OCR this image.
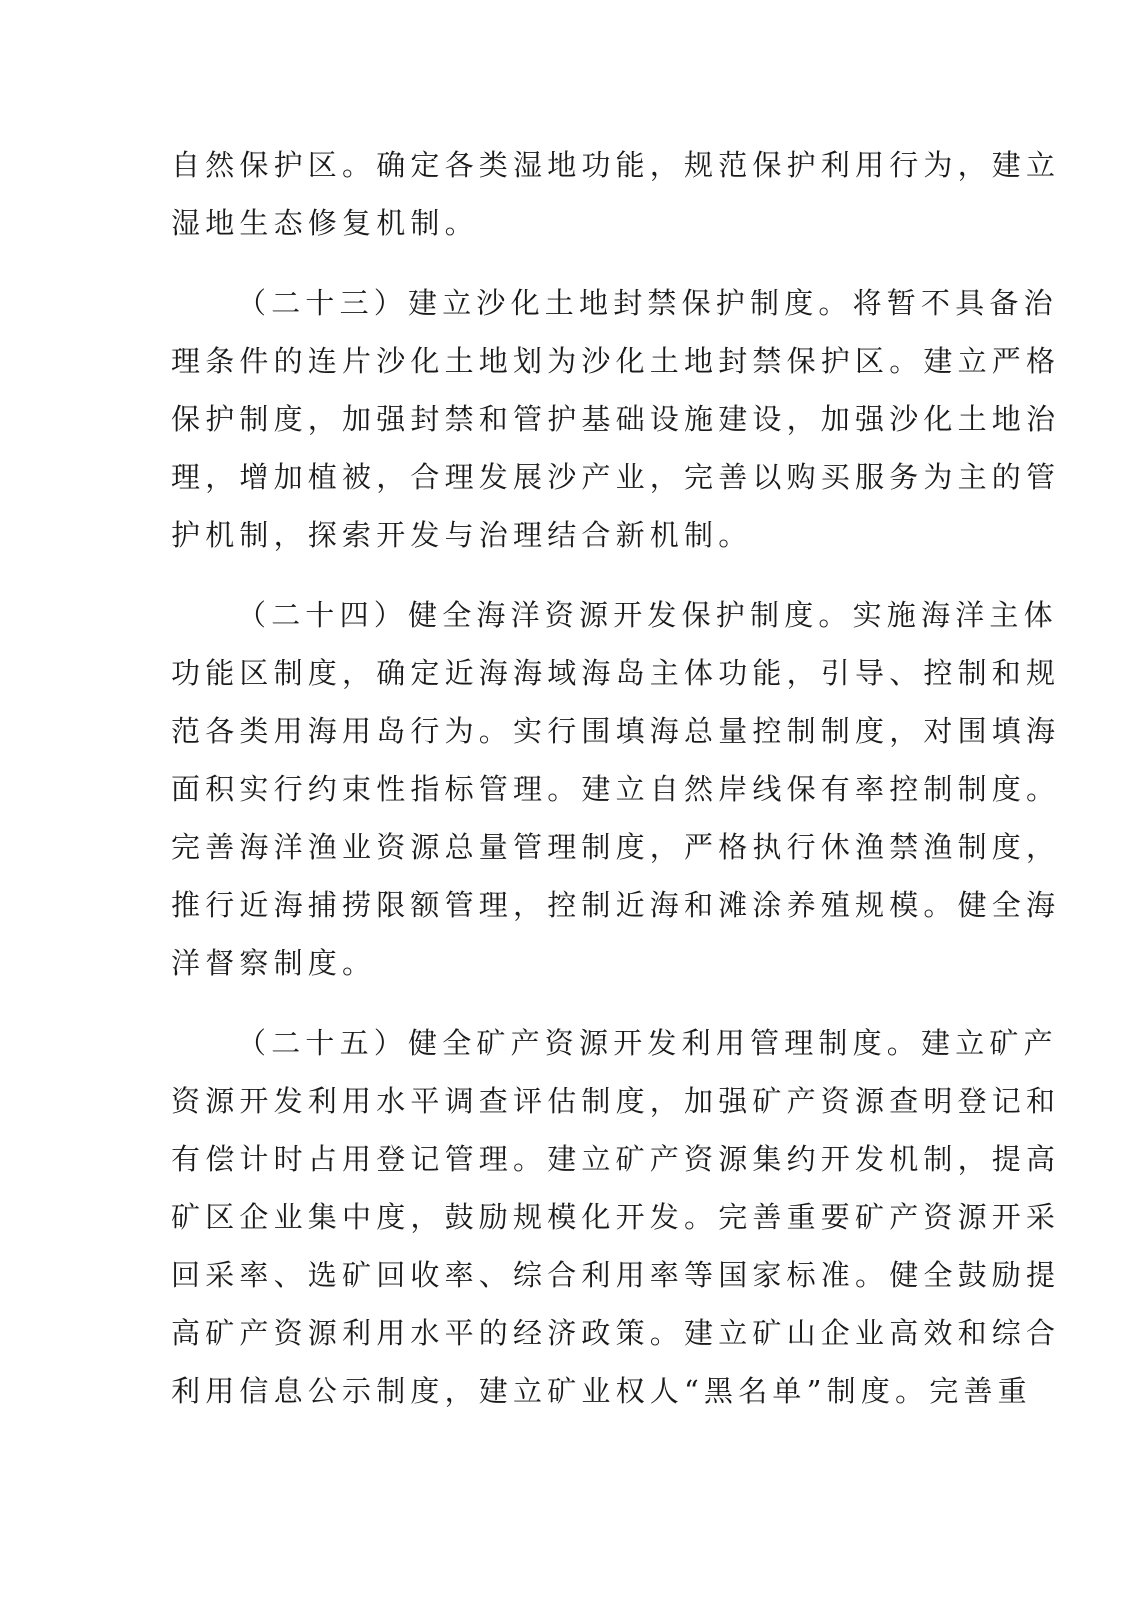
自然保护区。确定各类湿地功能，规范保护利用行为，建立
湿地生态修复机制。
（二十三）建立沙化土地封禁保护制度。将暂不具备治
理条件的连片沙化土地划为沙化土地封禁保护区。建立严格
保护制度，加强封禁和管护基础设施建设，加强沙化土地治
理，增加植被，合理发展沙产业，完善以购买服务为主的管
护机制，探索开发与治理结合新机制。
（二十四）健全海洋资源开发保护制度。实施海洋主体
功能区制度，确定近海海域海岛主体功能，引导、控制和规
范各类用海用岛行为。实行围填海总量控制制度，对围填海
面积实行约束性指标管理。建立自然岸线保有率控制制度。
完善海洋渔业资源总量管理制度，严格执行休渔禁渔制度，
推行近海捕捞限额管理，控制近海和滩涂养殖规模。健全海
洋督察制度。
（二十五）健全矿产资源开发利用管理制度。建立矿产
资源开发利用水平调查评估制度，加强矿产资源查明登记和
有偿计时占用登记管理。建立矿产资源集约开发机制，提高
矿区企业集中度，鼓励规模化开发。完善重要矿产资源开采
回采率、选矿回收率、综合利用率等国家标准。健全鼓励提
高矿产资源利用水平的经济政策。建立矿山企业高效和综合
利用信息公示制度，建立矿业权人“黑名单”制度。完善重
